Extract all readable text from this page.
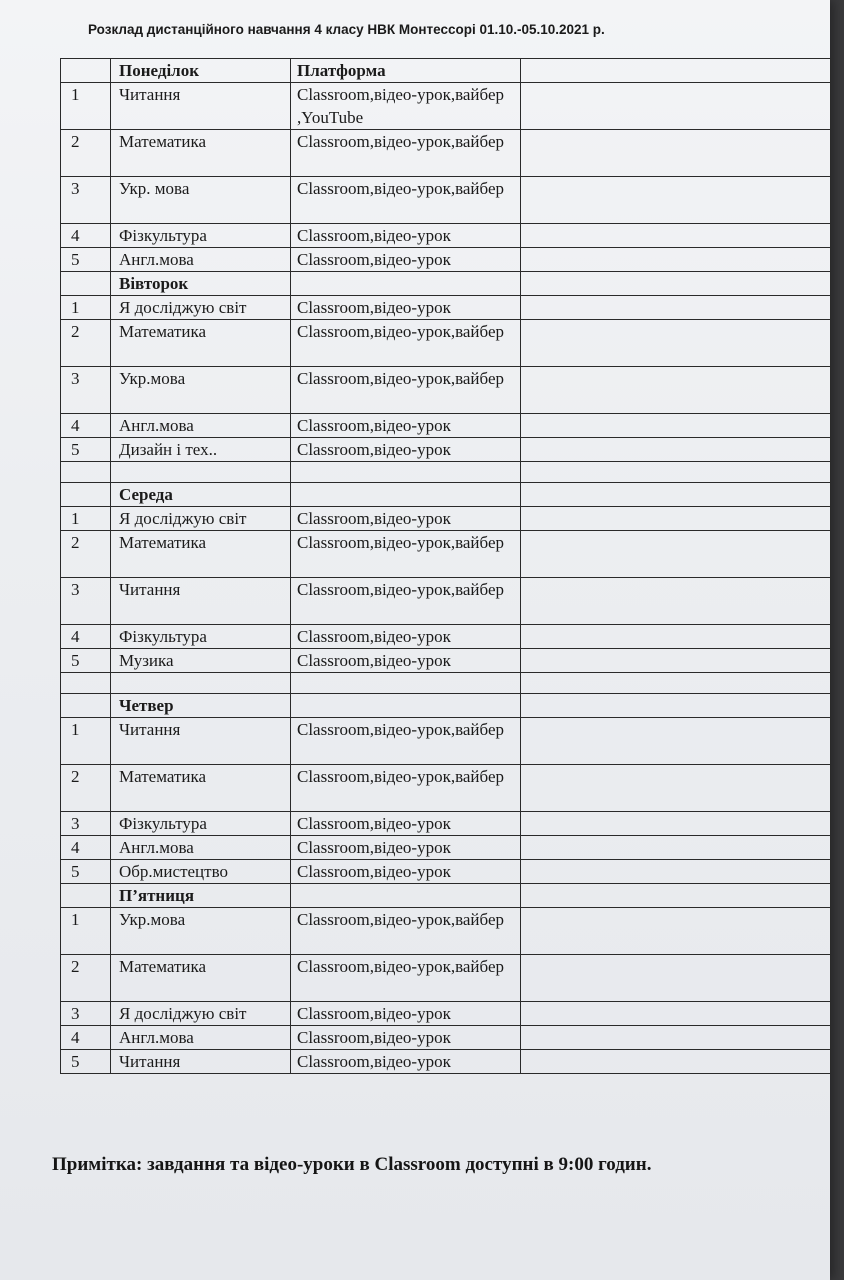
Розклад дистанційного навчання 4 класу НВК Монтессорі 01.10.-05.10.2021 р.
	Понеділок	Платформа	
1	Читання	Classroom,відео-урок,вайбер ,YouTube	
2	Математика	Classroom,відео-урок,вайбер	
3	Укр. мова	Classroom,відео-урок,вайбер	
4	Фізкультура	Classroom,відео-урок	
5	Англ.мова	Classroom,відео-урок	
	Вівторок		
1	Я досліджую світ	Classroom,відео-урок	
2	Математика	Classroom,відео-урок,вайбер	
3	Укр.мова	Classroom,відео-урок,вайбер	
4	Англ.мова	Classroom,відео-урок	
5	Дизайн і тех..	Classroom,відео-урок	

	Середа		
1	Я досліджую світ	Classroom,відео-урок	
2	Математика	Classroom,відео-урок,вайбер	
3	Читання	Classroom,відео-урок,вайбер	
4	Фізкультура	Classroom,відео-урок	
5	Музика	Classroom,відео-урок	

	Четвер		
1	Читання	Classroom,відео-урок,вайбер	
2	Математика	Classroom,відео-урок,вайбер	
3	Фізкультура	Classroom,відео-урок	
4	Англ.мова	Classroom,відео-урок	
5	Обр.мистецтво	Classroom,відео-урок	
	П’ятниця		
1	Укр.мова	Classroom,відео-урок,вайбер	
2	Математика	Classroom,відео-урок,вайбер	
3	Я досліджую світ	Classroom,відео-урок	
4	Англ.мова	Classroom,відео-урок	
5	Читання	Classroom,відео-урок	
Примітка: завдання та відео-уроки в Classroom доступні в 9:00 годин.
